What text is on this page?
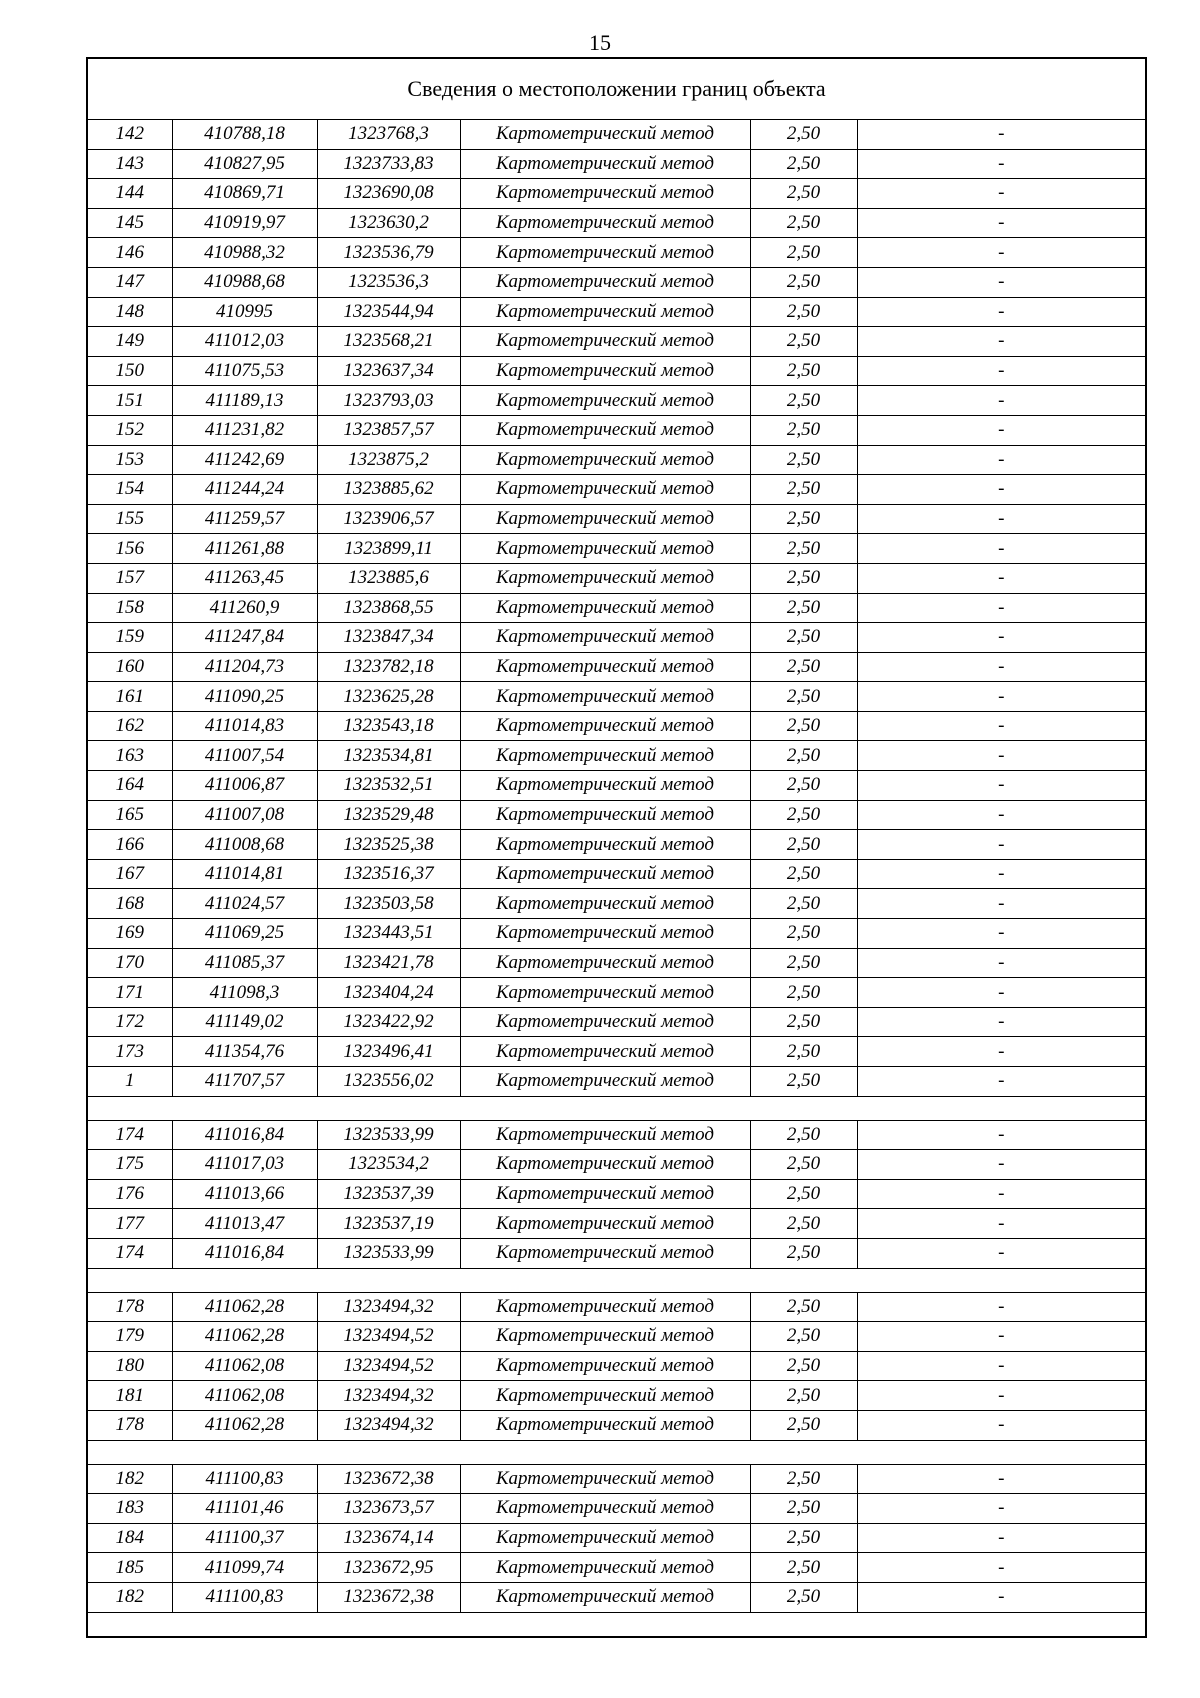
15
Сведения о местоположении границ объекта					
142	410788,18	1323768,3	Картометрический метод	2,50	-
143	410827,95	1323733,83	Картометрический метод	2,50	-
144	410869,71	1323690,08	Картометрический метод	2,50	-
145	410919,97	1323630,2	Картометрический метод	2,50	-
146	410988,32	1323536,79	Картометрический метод	2,50	-
147	410988,68	1323536,3	Картометрический метод	2,50	-
148	410995	1323544,94	Картометрический метод	2,50	-
149	411012,03	1323568,21	Картометрический метод	2,50	-
150	411075,53	1323637,34	Картометрический метод	2,50	-
151	411189,13	1323793,03	Картометрический метод	2,50	-
152	411231,82	1323857,57	Картометрический метод	2,50	-
153	411242,69	1323875,2	Картометрический метод	2,50	-
154	411244,24	1323885,62	Картометрический метод	2,50	-
155	411259,57	1323906,57	Картометрический метод	2,50	-
156	411261,88	1323899,11	Картометрический метод	2,50	-
157	411263,45	1323885,6	Картометрический метод	2,50	-
158	411260,9	1323868,55	Картометрический метод	2,50	-
159	411247,84	1323847,34	Картометрический метод	2,50	-
160	411204,73	1323782,18	Картометрический метод	2,50	-
161	411090,25	1323625,28	Картометрический метод	2,50	-
162	411014,83	1323543,18	Картометрический метод	2,50	-
163	411007,54	1323534,81	Картометрический метод	2,50	-
164	411006,87	1323532,51	Картометрический метод	2,50	-
165	411007,08	1323529,48	Картометрический метод	2,50	-
166	411008,68	1323525,38	Картометрический метод	2,50	-
167	411014,81	1323516,37	Картометрический метод	2,50	-
168	411024,57	1323503,58	Картометрический метод	2,50	-
169	411069,25	1323443,51	Картометрический метод	2,50	-
170	411085,37	1323421,78	Картометрический метод	2,50	-
171	411098,3	1323404,24	Картометрический метод	2,50	-
172	411149,02	1323422,92	Картометрический метод	2,50	-
173	411354,76	1323496,41	Картометрический метод	2,50	-
1	411707,57	1323556,02	Картометрический метод	2,50	-

174	411016,84	1323533,99	Картометрический метод	2,50	-
175	411017,03	1323534,2	Картометрический метод	2,50	-
176	411013,66	1323537,39	Картометрический метод	2,50	-
177	411013,47	1323537,19	Картометрический метод	2,50	-
174	411016,84	1323533,99	Картометрический метод	2,50	-

178	411062,28	1323494,32	Картометрический метод	2,50	-
179	411062,28	1323494,52	Картометрический метод	2,50	-
180	411062,08	1323494,52	Картометрический метод	2,50	-
181	411062,08	1323494,32	Картометрический метод	2,50	-
178	411062,28	1323494,32	Картометрический метод	2,50	-

182	411100,83	1323672,38	Картометрический метод	2,50	-
183	411101,46	1323673,57	Картометрический метод	2,50	-
184	411100,37	1323674,14	Картометрический метод	2,50	-
185	411099,74	1323672,95	Картометрический метод	2,50	-
182	411100,83	1323672,38	Картометрический метод	2,50	-
